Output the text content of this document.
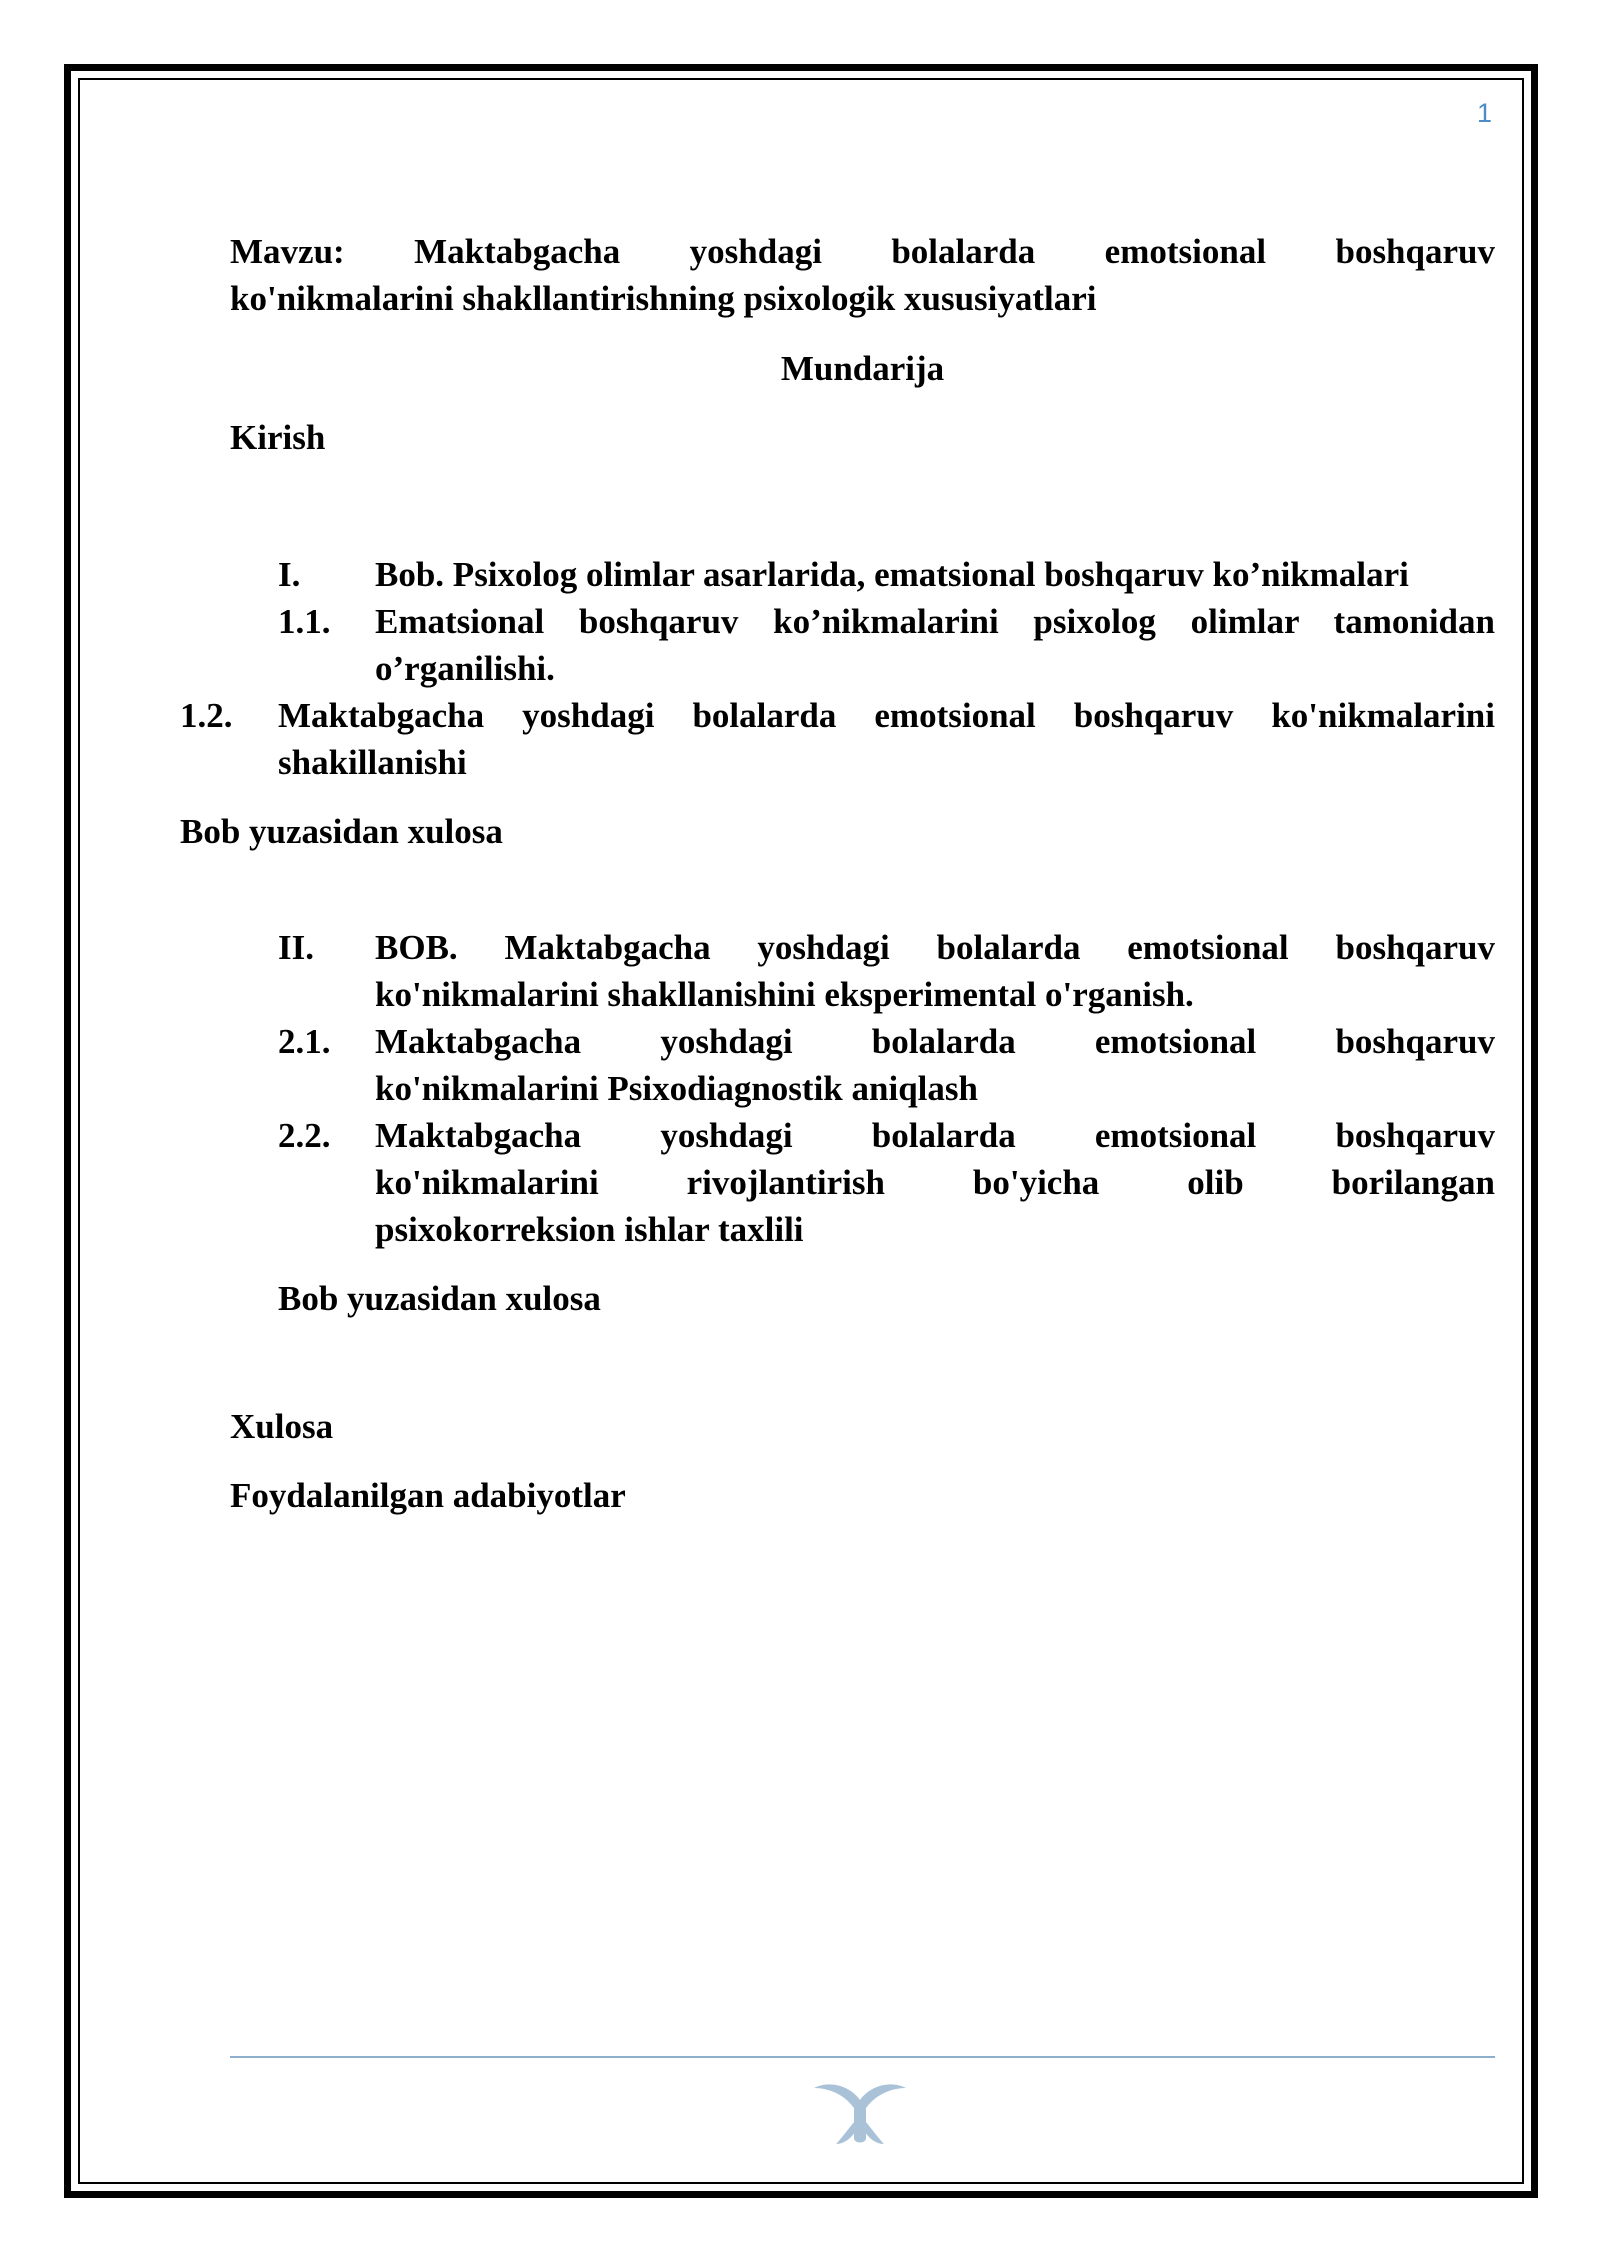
1
Mavzu: Maktabgacha yoshdagi bolalarda emotsional boshqaruv
ko'nikmalarini shakllantirishning psixologik xususiyatlari
Mundarija
Kirish
I. Bob. Psixolog olimlar asarlarida, ematsional boshqaruv ko’nikmalari
1.1. Ematsional boshqaruv ko’nikmalarini psixolog olimlar tamonidan
o’rganilishi.
1.2. Maktabgacha yoshdagi bolalarda emotsional boshqaruv ko'nikmalarini
shakillanishi
Bob yuzasidan xulosa
II. BOB. Maktabgacha yoshdagi bolalarda emotsional boshqaruv
ko'nikmalarini shakllanishini eksperimental o'rganish.
2.1. Maktabgacha yoshdagi bolalarda emotsional boshqaruv
ko'nikmalarini Psixodiagnostik aniqlash
2.2. Maktabgacha yoshdagi bolalarda emotsional boshqaruv
ko'nikmalarini rivojlantirish bo'yicha olib borilangan
psixokorreksion ishlar taxlili
Bob yuzasidan xulosa
Xulosa
Foydalanilgan adabiyotlar
